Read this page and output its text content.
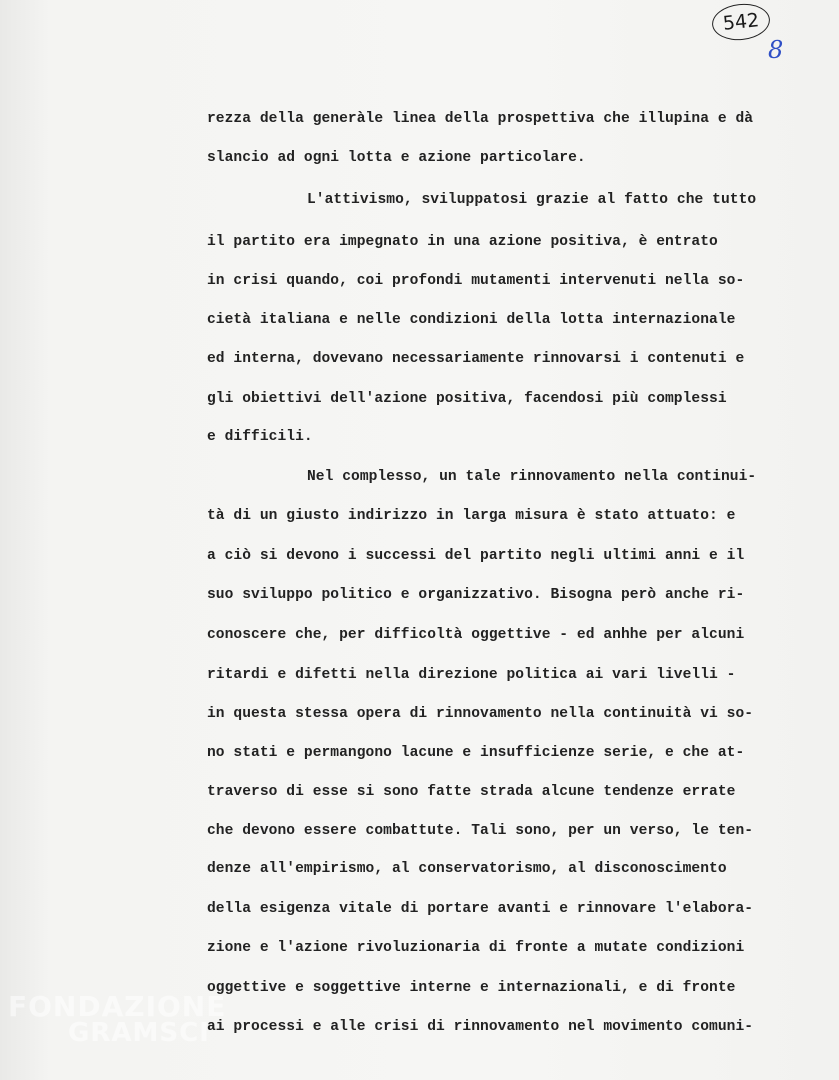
542
8
rezza della generàle linea della prospettiva che illupina e dà
slancio ad ogni lotta e azione particolare.
L'attivismo, sviluppatosi grazie al fatto che tutto
il partito era impegnato in una azione positiva, è entrato
in crisi quando, coi profondi mutamenti intervenuti nella so-
cietà italiana e nelle condizioni della lotta internazionale
ed interna, dovevano necessariamente rinnovarsi i contenuti e
gli obiettivi dell'azione positiva, facendosi più complessi
e difficili.
Nel complesso, un tale rinnovamento nella continui-
tà di un giusto indirizzo in larga misura è stato attuato: e
a ciò si devono i successi del partito negli ultimi anni e il
suo sviluppo politico e organizzativo. Bisogna però anche ri-
conoscere che, per difficoltà oggettive - ed anhhe per alcuni
ritardi e difetti nella direzione politica ai vari livelli -
in questa stessa opera di rinnovamento nella continuità vi so-
no stati e permangono lacune e insufficienze serie, e che at-
traverso di esse si sono fatte strada alcune tendenze errate
che devono essere combattute. Tali sono, per un verso, le ten-
denze all'empirismo, al conservatorismo, al disconoscimento
della esigenza vitale di portare avanti e rinnovare l'elabora-
zione e l'azione rivoluzionaria di fronte a mutate condizioni
oggettive e soggettive interne e internazionali, e di fronte
ai processi e alle crisi di rinnovamento nel movimento comuni-
FONDAZIONE
GRAMSCI
